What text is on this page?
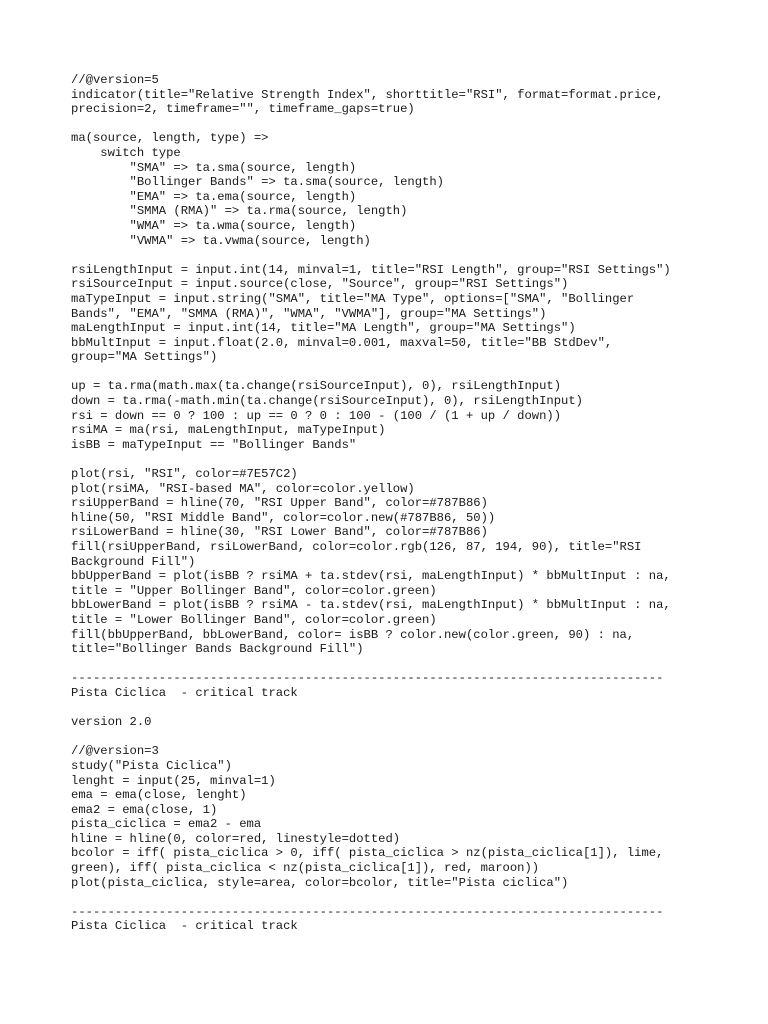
//@version=5
indicator(title="Relative Strength Index", shorttitle="RSI", format=format.price,
precision=2, timeframe="", timeframe_gaps=true)
ma(source, length, type) =>
switch type
"SMA" => ta.sma(source, length)
"Bollinger Bands" => ta.sma(source, length)
"EMA" => ta.ema(source, length)
"SMMA (RMA)" => ta.rma(source, length)
"WMA" => ta.wma(source, length)
"VWMA" => ta.vwma(source, length)
rsiLengthInput = input.int(14, minval=1, title="RSI Length", group="RSI Settings")
rsiSourceInput = input.source(close, "Source", group="RSI Settings")
maTypeInput = input.string("SMA", title="MA Type", options=["SMA", "Bollinger
Bands", "EMA", "SMMA (RMA)", "WMA", "VWMA"], group="MA Settings")
maLengthInput = input.int(14, title="MA Length", group="MA Settings")
bbMultInput = input.float(2.0, minval=0.001, maxval=50, title="BB StdDev",
group="MA Settings")
up = ta.rma(math.max(ta.change(rsiSourceInput), 0), rsiLengthInput)
down = ta.rma(-math.min(ta.change(rsiSourceInput), 0), rsiLengthInput)
rsi = down == 0 ? 100 : up == 0 ? 0 : 100 - (100 / (1 + up / down))
rsiMA = ma(rsi, maLengthInput, maTypeInput)
isBB = maTypeInput == "Bollinger Bands"
plot(rsi, "RSI", color=#7E57C2)
plot(rsiMA, "RSI-based MA", color=color.yellow)
rsiUpperBand = hline(70, "RSI Upper Band", color=#787B86)
hline(50, "RSI Middle Band", color=color.new(#787B86, 50))
rsiLowerBand = hline(30, "RSI Lower Band", color=#787B86)
fill(rsiUpperBand, rsiLowerBand, color=color.rgb(126, 87, 194, 90), title="RSI
Background Fill")
bbUpperBand = plot(isBB ? rsiMA + ta.stdev(rsi, maLengthInput) * bbMultInput : na,
title = "Upper Bollinger Band", color=color.green)
bbLowerBand = plot(isBB ? rsiMA - ta.stdev(rsi, maLengthInput) * bbMultInput : na,
title = "Lower Bollinger Band", color=color.green)
fill(bbUpperBand, bbLowerBand, color= isBB ? color.new(color.green, 90) : na,
title="Bollinger Bands Background Fill")
---------------------------------------------------------------------------------
Pista Ciclica  - critical track
version 2.0
//@version=3
study("Pista Ciclica")
lenght = input(25, minval=1)
ema = ema(close, lenght)
ema2 = ema(close, 1)
pista_ciclica = ema2 - ema
hline = hline(0, color=red, linestyle=dotted)
bcolor = iff( pista_ciclica > 0, iff( pista_ciclica > nz(pista_ciclica[1]), lime,
green), iff( pista_ciclica < nz(pista_ciclica[1]), red, maroon))
plot(pista_ciclica, style=area, color=bcolor, title="Pista ciclica")
---------------------------------------------------------------------------------
Pista Ciclica  - critical track
